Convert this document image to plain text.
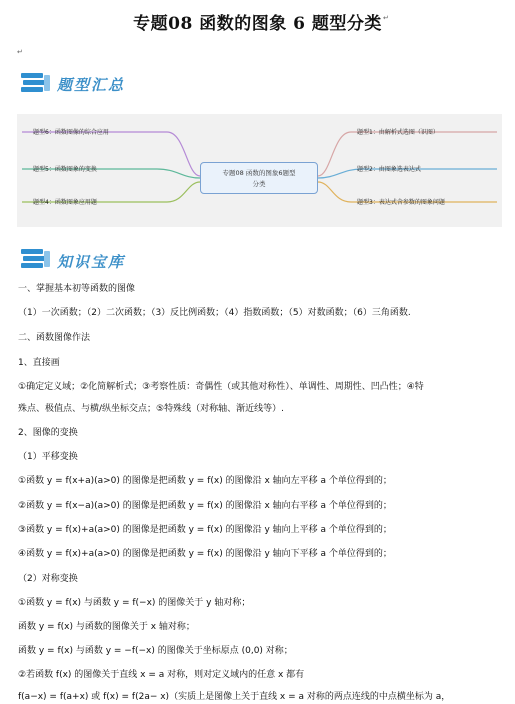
专题08 函数的图象 6 题型分类 ↵
↵
题型汇总
题型6：函数图像的综合应用
题型5：函数图象的变换
题型4：函数图象应用题
题型1：由解析式选图（识图）
题型2：由图象选表达式
题型3：表达式含参数的图象问题
专题08 函数的图象6题型
分类
知识宝库
一、掌握基本初等函数的图像
（1）一次函数；（2）二次函数；（3）反比例函数；（4）指数函数；（5）对数函数；（6）三角函数.
二、函数图像作法
1、直接画
①确定定义域；②化简解析式；③考察性质：奇偶性（或其他对称性）、单调性、周期性、凹凸性；④特
殊点、极值点、与横/纵坐标交点；⑤特殊线（对称轴、渐近线等）.
2、图像的变换
（1）平移变换
①函数 y = f(x+a)(a>0) 的图像是把函数 y = f(x) 的图像沿 x 轴向左平移 a 个单位得到的；
②函数 y = f(x−a)(a>0) 的图像是把函数 y = f(x) 的图像沿 x 轴向右平移 a 个单位得到的；
③函数 y = f(x)+a(a>0) 的图像是把函数 y = f(x) 的图像沿 y 轴向上平移 a 个单位得到的；
④函数 y = f(x)+a(a>0) 的图像是把函数 y = f(x) 的图像沿 y 轴向下平移 a 个单位得到的；
（2）对称变换
①函数 y = f(x) 与函数 y = f(−x) 的图像关于 y 轴对称；
函数 y = f(x) 与函数的图像关于 x 轴对称；
函数 y = f(x) 与函数 y = −f(−x) 的图像关于坐标原点 (0,0) 对称；
②若函数 f(x) 的图像关于直线 x = a 对称，则对定义域内的任意 x 都有
f(a−x) = f(a+x) 或 f(x) = f(2a− x)（实质上是图像上关于直线 x = a 对称的两点连线的中点横坐标为 a，
